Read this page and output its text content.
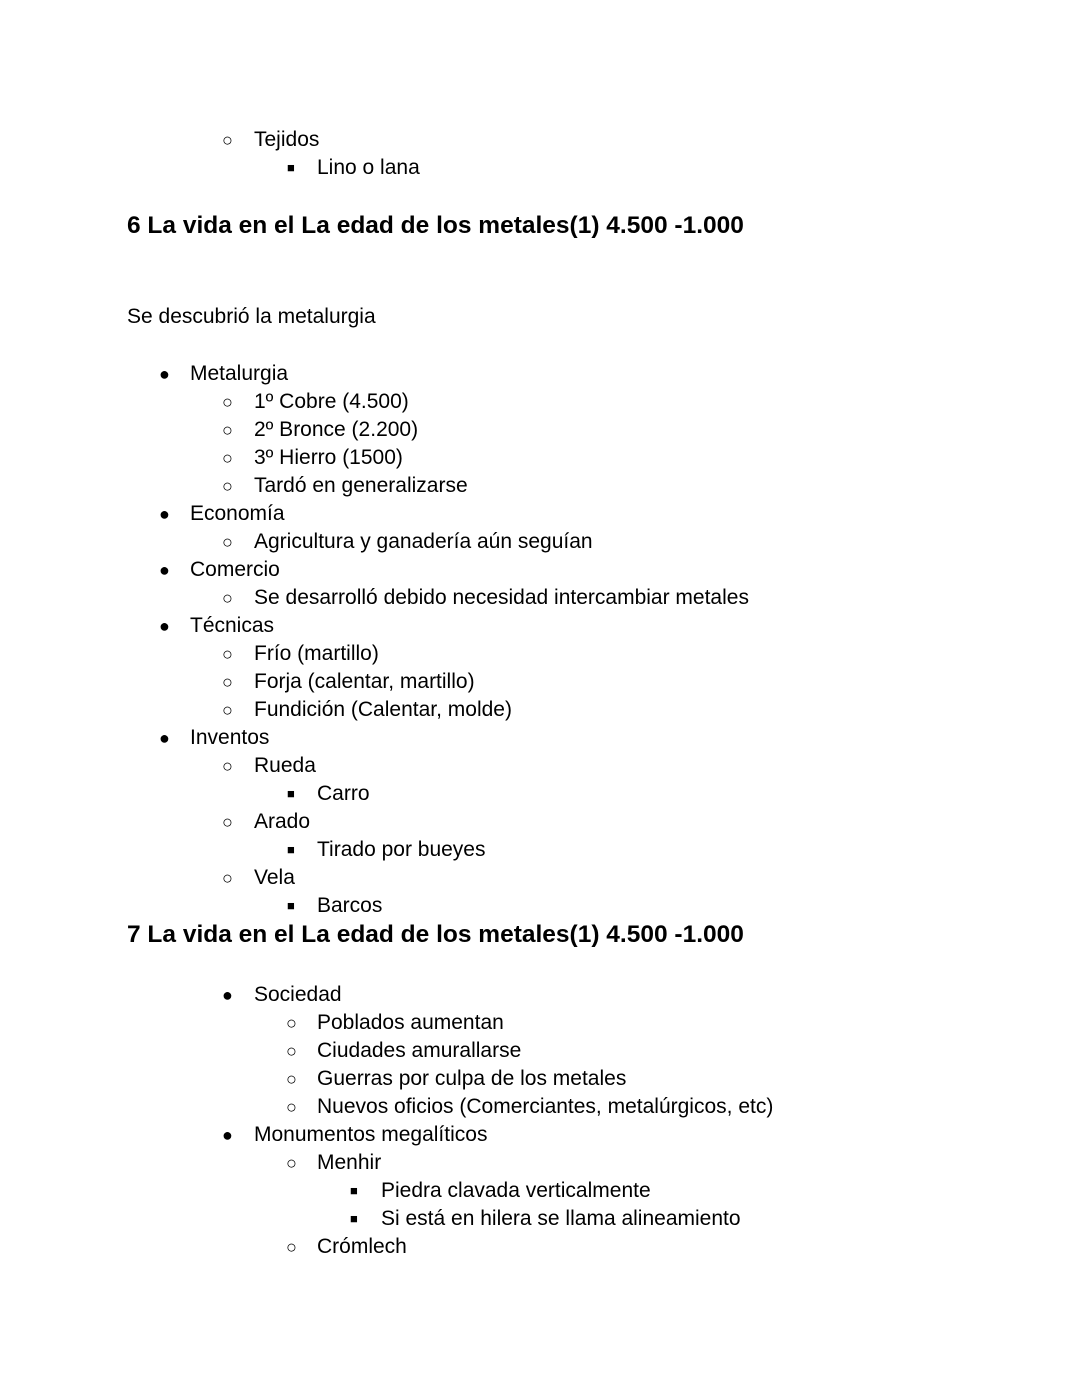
○ Tejidos
■ Lino o lana
6 La vida en el La edad de los metales(1) 4.500 -1.000
Se descubrió la metalurgia
● Metalurgia
○ 1º Cobre (4.500)
○ 2º Bronce (2.200)
○ 3º Hierro (1500)
○ Tardó en generalizarse
● Economía
○ Agricultura y ganadería aún seguían
● Comercio
○ Se desarrolló debido necesidad intercambiar metales
● Técnicas
○ Frío (martillo)
○ Forja (calentar, martillo)
○ Fundición (Calentar, molde)
● Inventos
○ Rueda
■ Carro
○ Arado
■ Tirado por bueyes
○ Vela
■ Barcos
7 La vida en el La edad de los metales(1) 4.500 -1.000
● Sociedad
○ Poblados aumentan
○ Ciudades amurallarse
○ Guerras por culpa de los metales
○ Nuevos oficios (Comerciantes, metalúrgicos, etc)
● Monumentos megalíticos
○ Menhir
■ Piedra clavada verticalmente
■ Si está en hilera se llama alineamiento
○ Crómlech
